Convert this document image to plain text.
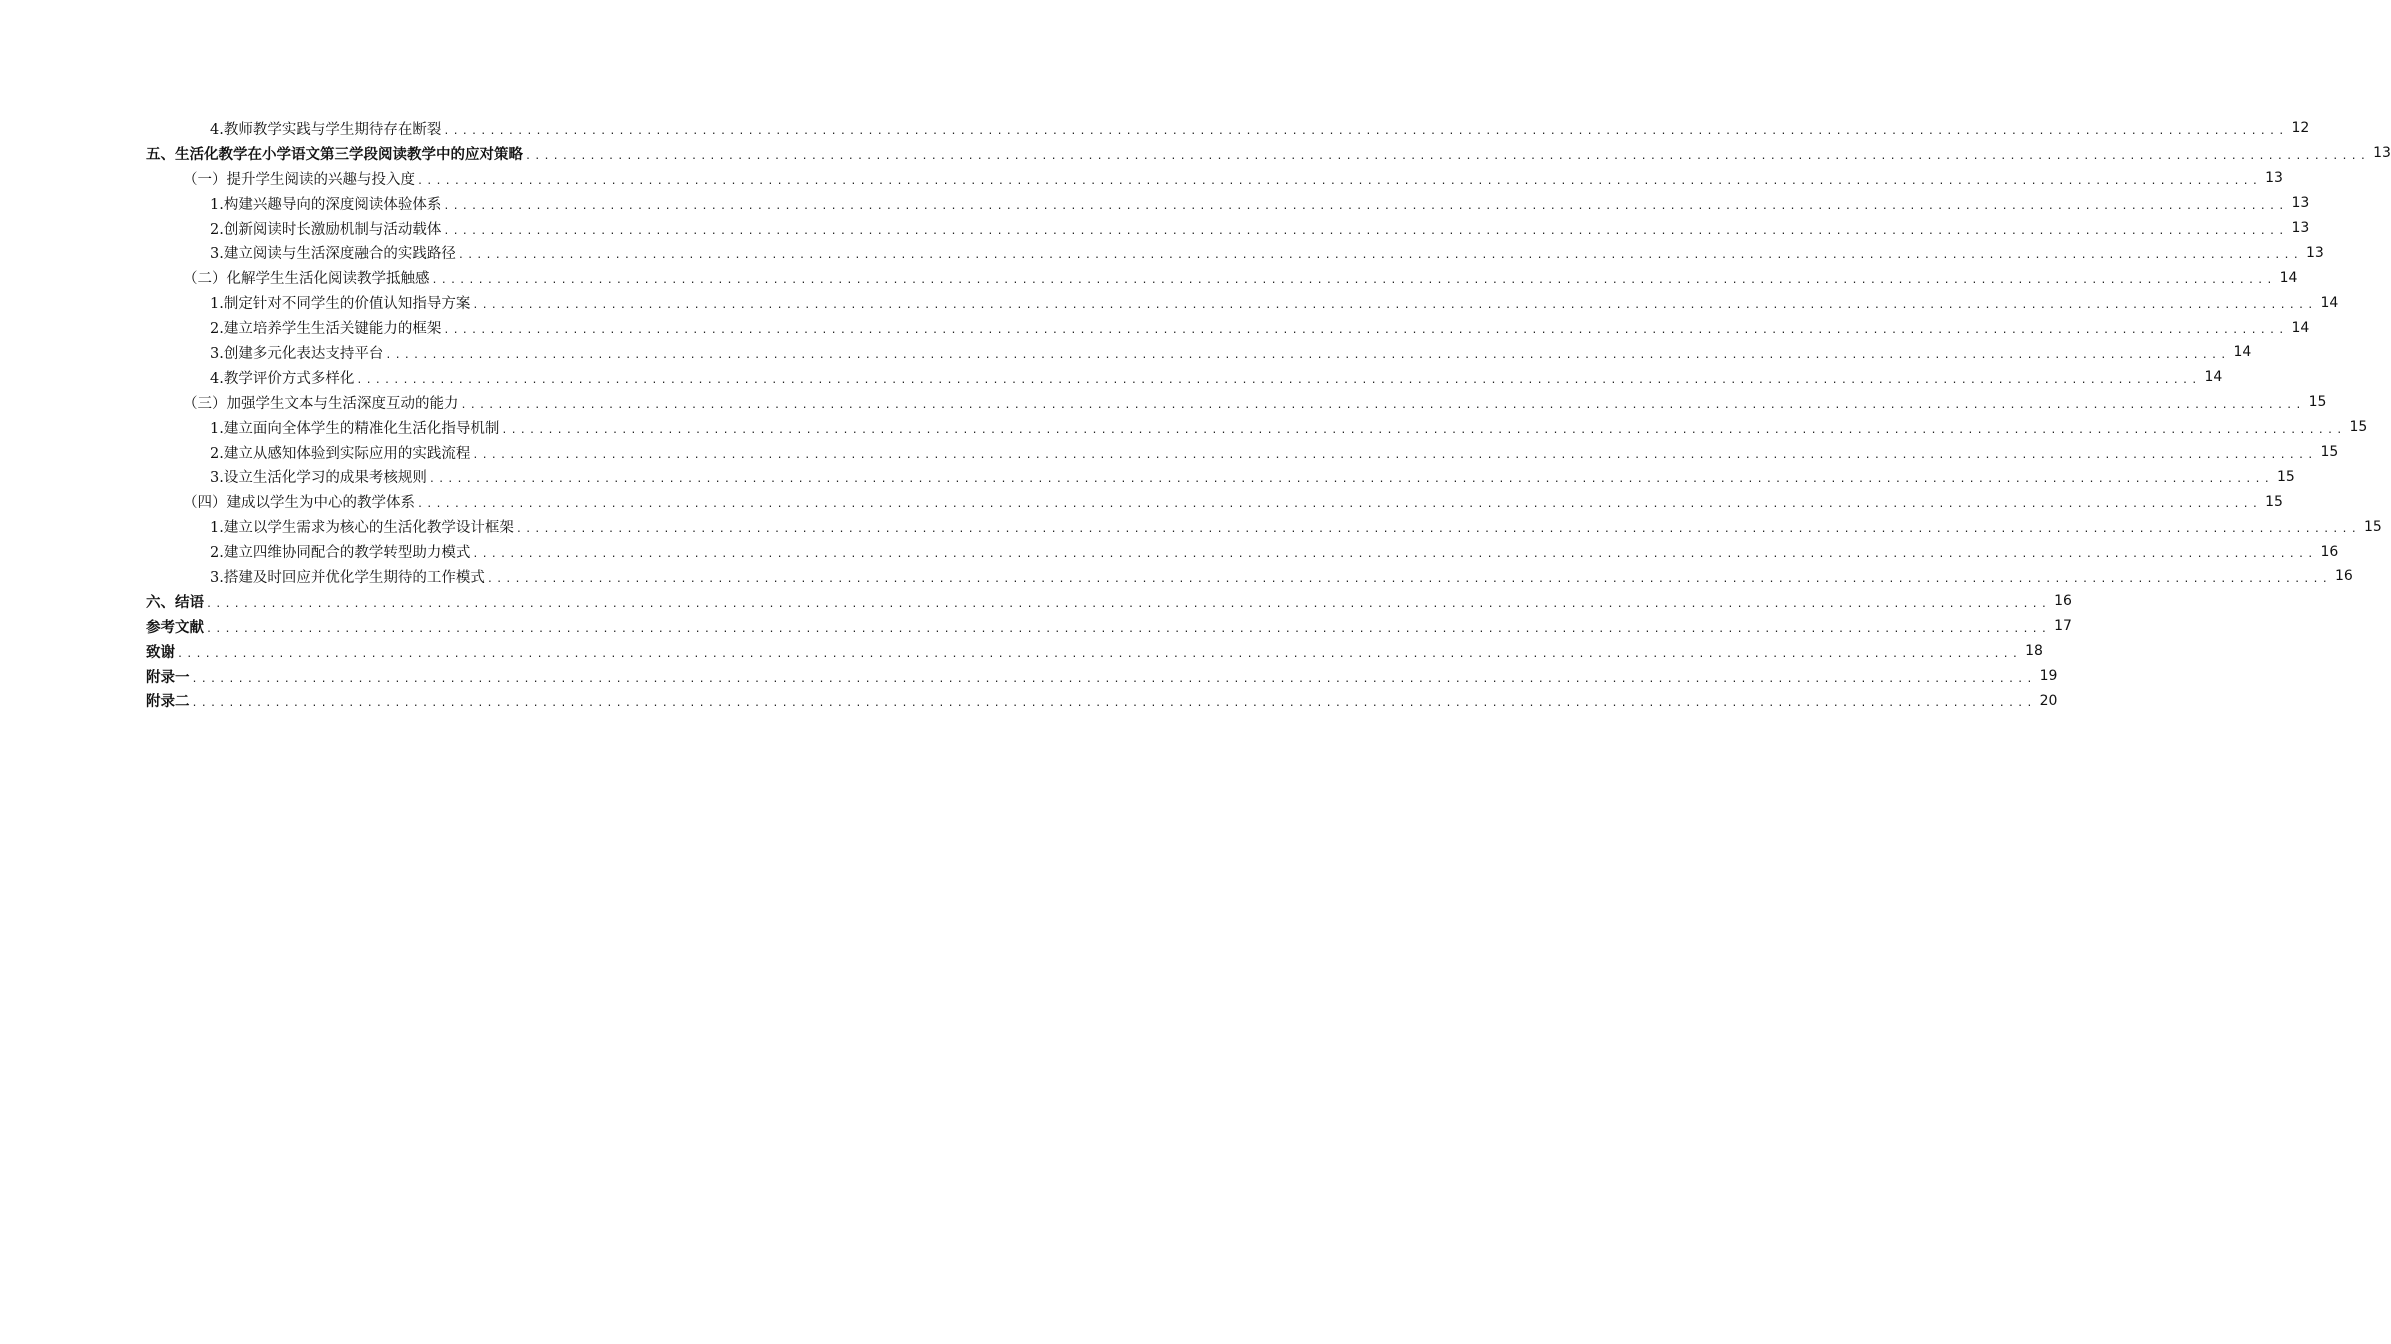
4.教师教学实践与学生期待存在断裂 ........................................................................................................................................................................................................ 12
五、生活化教学在小学语文第三学段阅读教学中的应对策略 ........................................................................................................................................................................................................ 13
（一）提升学生阅读的兴趣与投入度 ........................................................................................................................................................................................................ 13
1.构建兴趣导向的深度阅读体验体系 ........................................................................................................................................................................................................ 13
2.创新阅读时长激励机制与活动载体 ........................................................................................................................................................................................................ 13
3.建立阅读与生活深度融合的实践路径 ........................................................................................................................................................................................................ 13
（二）化解学生生活化阅读教学抵触感 ........................................................................................................................................................................................................ 14
1.制定针对不同学生的价值认知指导方案 ........................................................................................................................................................................................................ 14
2.建立培养学生生活关键能力的框架 ........................................................................................................................................................................................................ 14
3.创建多元化表达支持平台 ........................................................................................................................................................................................................ 14
4.教学评价方式多样化 ........................................................................................................................................................................................................ 14
（三）加强学生文本与生活深度互动的能力 ........................................................................................................................................................................................................ 15
1.建立面向全体学生的精准化生活化指导机制 ........................................................................................................................................................................................................ 15
2.建立从感知体验到实际应用的实践流程 ........................................................................................................................................................................................................ 15
3.设立生活化学习的成果考核规则 ........................................................................................................................................................................................................ 15
（四）建成以学生为中心的教学体系 ........................................................................................................................................................................................................ 15
1.建立以学生需求为核心的生活化教学设计框架 ........................................................................................................................................................................................................ 15
2.建立四维协同配合的教学转型助力模式 ........................................................................................................................................................................................................ 16
3.搭建及时回应并优化学生期待的工作模式 ........................................................................................................................................................................................................ 16
六、结语 ........................................................................................................................................................................................................ 16
参考文献 ........................................................................................................................................................................................................ 17
致谢 ........................................................................................................................................................................................................ 18
附录一 ........................................................................................................................................................................................................ 19
附录二 ........................................................................................................................................................................................................ 20
